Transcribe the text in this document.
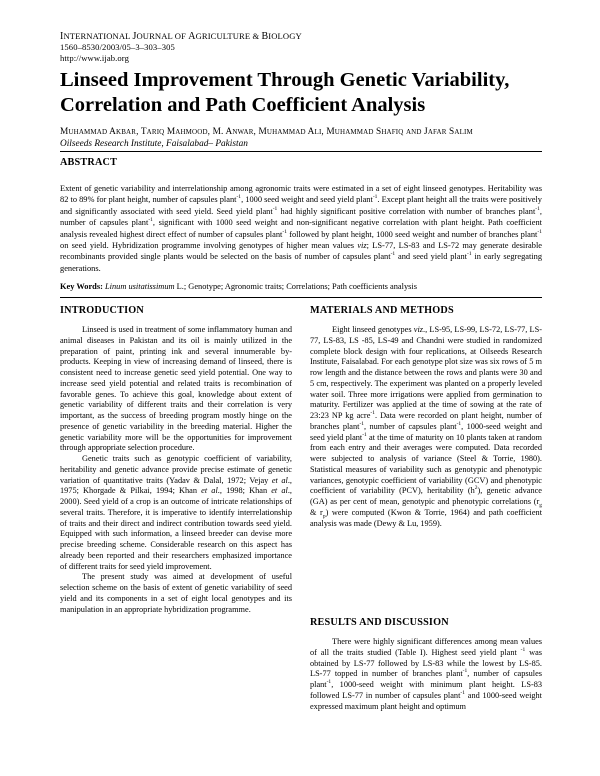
INTERNATIONAL JOURNAL OF AGRICULTURE & BIOLOGY
1560–8530/2003/05–3–303–305
http://www.ijab.org
Linseed Improvement Through Genetic Variability, Correlation and Path Coefficient Analysis
Muhammad Akbar, Tariq Mahmood, M. Anwar, Muhammad Ali, Muhammad Shafiq and Jafar Salim
Oilseeds Research Institute, Faisalabad– Pakistan
ABSTRACT

Extent of genetic variability and interrelationship among agronomic traits were estimated in a set of eight linseed genotypes. Heritability was 82 to 89% for plant height, number of capsules plant$^{-1}$, 1000 seed weight and seed yield plant$^{-1}$. Except plant height all the traits were positively and significantly associated with seed yield. Seed yield plant$^{-1}$ had highly significant positive correlation with number of branches plant$^{-1}$, number of capsules plant$^{-1}$, significant with 1000 seed weight and non-significant negative correlation with plant height. Path coefficient analysis revealed highest direct effect of number of capsules plant$^{-1}$ followed by plant height, 1000 seed weight and number of branches plant$^{-1}$ on seed yield. Hybridization programme involving genotypes of higher mean values viz; LS-77, LS-83 and LS-72 may generate desirable recombinants provided single plants would be selected on the basis of number of capsules plant$^{-1}$ and seed yield plant$^{-1}$ in early segregating generations.

Key Words: Linum usitatissimum L.; Genotype; Agronomic traits; Correlations; Path coefficients analysis

INTRODUCTION

Linseed is used in treatment of some inflammatory human and animal diseases in Pakistan and its oil is mainly utilized in the preparation of paint, printing ink and several innumerable by-products. Keeping in view of increasing demand of linseed, there is consistent need to increase genetic seed yield potential. One way to increase seed yield potential and related traits is recombination of favorable genes. To achieve this goal, knowledge about extent of genetic variability of different traits and their correlation is very important, as the success of breeding program mostly hinge on the presence of genetic variability in the breeding material. Higher the genetic variability more will be the opportunities for improvement through appropriate selection procedure.

Genetic traits such as genotypic coefficient of variability, heritability and genetic advance provide precise estimate of genetic variation of quantitative traits (Yadav & Dalal, 1972; Vejay et al., 1975; Khorgade & Pilkai, 1994; Khan et al., 1998; Khan et al., 2000). Seed yield of a crop is an outcome of intricate relationships of several traits. Therefore, it is imperative to identify interrelationship of traits and their direct and indirect contribution towards seed yield. Equipped with such information, a linseed breeder can devise more precise breeding scheme. Considerable research on this aspect has already been reported and their researchers emphasized importance of different traits for seed yield improvement.

The present study was aimed at development of useful selection scheme on the basis of extent of genetic variability of seed yield and its components in a set of eight local genotypes and its manipulation in an appropriate hybridization programme.

MATERIALS AND METHODS

Eight linseed genotypes viz., LS-95, LS-99, LS-72, LS-77, LS-77, LS-83, LS -85, LS-49 and Chandni were studied in randomized complete block design with four replications, at Oilseeds Research Institute, Faisalabad. For each genotype plot size was six rows of 5 m row length and the distance between the rows and plants were 30 and 5 cm, respectively. The experiment was planted on a properly leveled water soil. Three more irrigations were applied from germination to maturity. Fertilizer was applied at the time of sowing at the rate of 23:23 NP kg acre$^{-1}$. Data were recorded on plant height, number of branches plant$^{-1}$, number of capsules plant$^{-1}$, 1000-seed weight and seed yield plant$^{-1}$ at the time of maturity on 10 plants taken at random from each entry and their averages were computed. Data recorded were subjected to analysis of variance (Steel & Torrie, 1980). Statistical measures of variability such as genotypic and phenotypic variances, genotypic coefficient of variability (GCV) and phenotypic coefficient of variability (PCV), heritability $(h^2)$, genetic advance (GA) as per cent of mean, genotypic and phenotypic correlations ($r_g$ & $r_p$) were computed (Kwon & Torrie, 1964) and path coefficient analysis was made (Dewy & Lu, 1959).

RESULTS AND DISCUSSION

There were highly significant differences among mean values of all the traits studied (Table I). Highest seed yield plant $^{-1}$ was obtained by LS-77 followed by LS-83 while the lowest by LS-85. LS-77 topped in number of branches plant$^{-1}$, number of capsules plant$^{-1}$, 1000-seed weight with minimum plant height. LS-83 followed LS-77 in number of capsules plant$^{-1}$ and 1000-seed weight expressed maximum plant height and optimum
